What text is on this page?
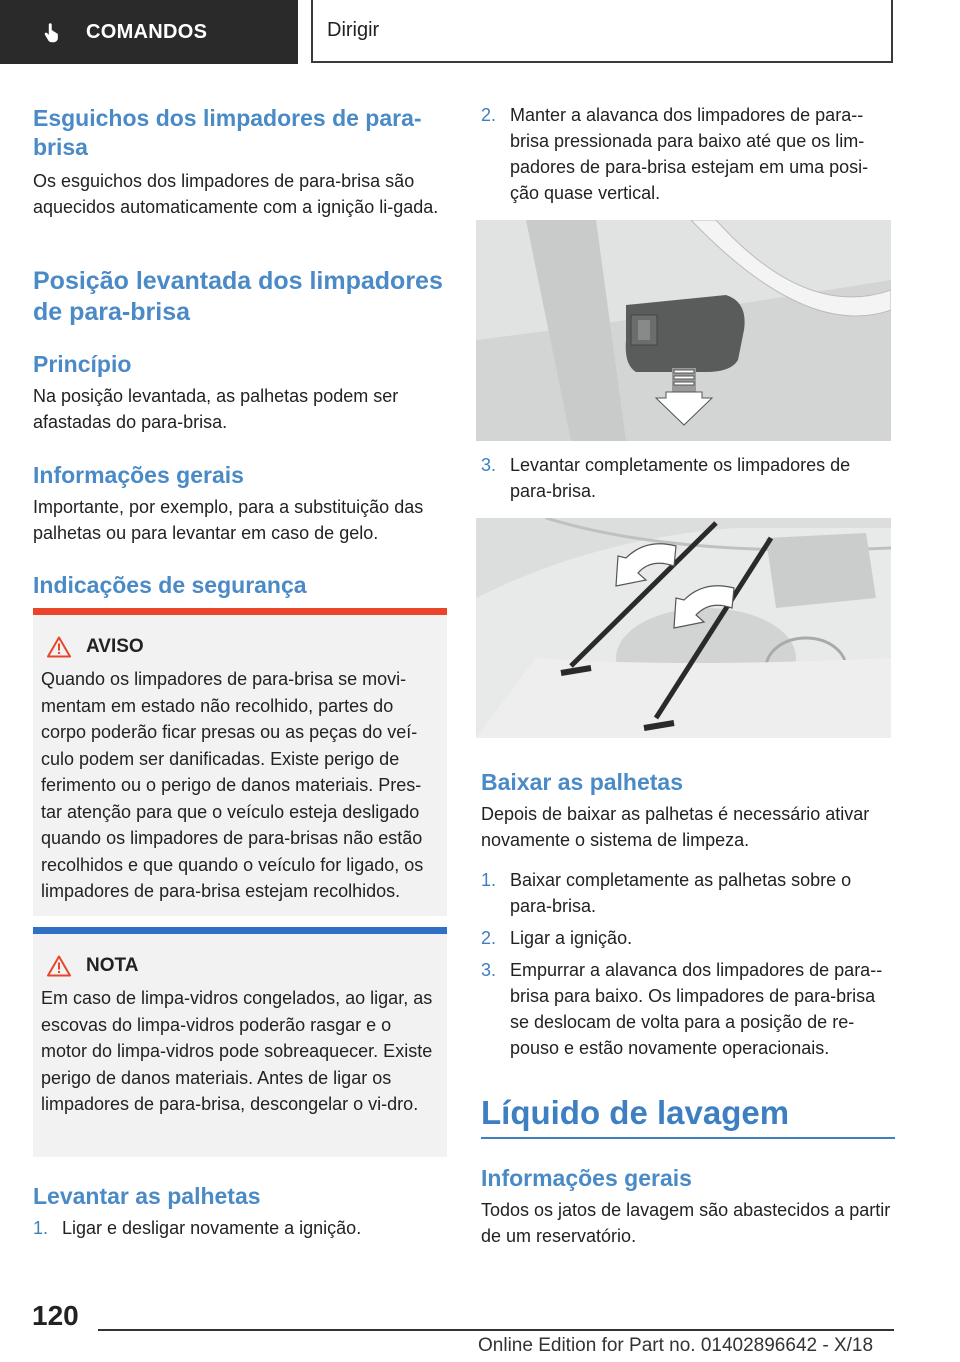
COMANDOS	Dirigir
Esguichos dos limpadores de para-
brisa

Os esguichos dos limpadores de para-brisa são aquecidos automaticamente com a ignição li-gada.

Posição levantada dos limpadores de para-brisa
Princípio

Na posição levantada, as palhetas podem ser afastadas do para-brisa.

Informações gerais

Importante, por exemplo, para a substituição das palhetas ou para levantar em caso de gelo.

Indicações de segurança
AVISO

Quando os limpadores de para-brisa se movi-mentam em estado não recolhido, partes do corpo poderão ficar presas ou as peças do veí-culo podem ser danificadas. Existe perigo de ferimento ou o perigo de danos materiais. Pres-tar atenção para que o veículo esteja desligado quando os limpadores de para-brisas não estão recolhidos e que quando o veículo for ligado, os limpadores de para-brisa estejam recolhidos.

NOTA

Em caso de limpa-vidros congelados, ao ligar, as escovas do limpa-vidros poderão rasgar e o motor do limpa-vidros pode sobreaquecer. Existe perigo de danos materiais. Antes de ligar os limpadores de para-brisa, descongelar o vi-dro.

Levantar as palhetas
1. Ligar e desligar novamente a ignição.
2. Manter a alavanca dos limpadores de para--brisa pressionada para baixo até que os lim-padores de para-brisa estejam em uma posi-ção quase vertical.
3. Levantar completamente os limpadores de para-brisa.
Baixar as palhetas

Depois de baixar as palhetas é necessário ativar novamente o sistema de limpeza.

1. Baixar completamente as palhetas sobre o para-brisa.
2. Ligar a ignição.
3. Empurrar a alavanca dos limpadores de para--brisa para baixo. Os limpadores de para-brisa se deslocam de volta para a posição de re-pouso e estão novamente operacionais.
Líquido de lavagem
Informações gerais

Todos os jatos de lavagem são abastecidos a partir de um reservatório.

120
Online Edition for Part no. 01402896642 - X/18
